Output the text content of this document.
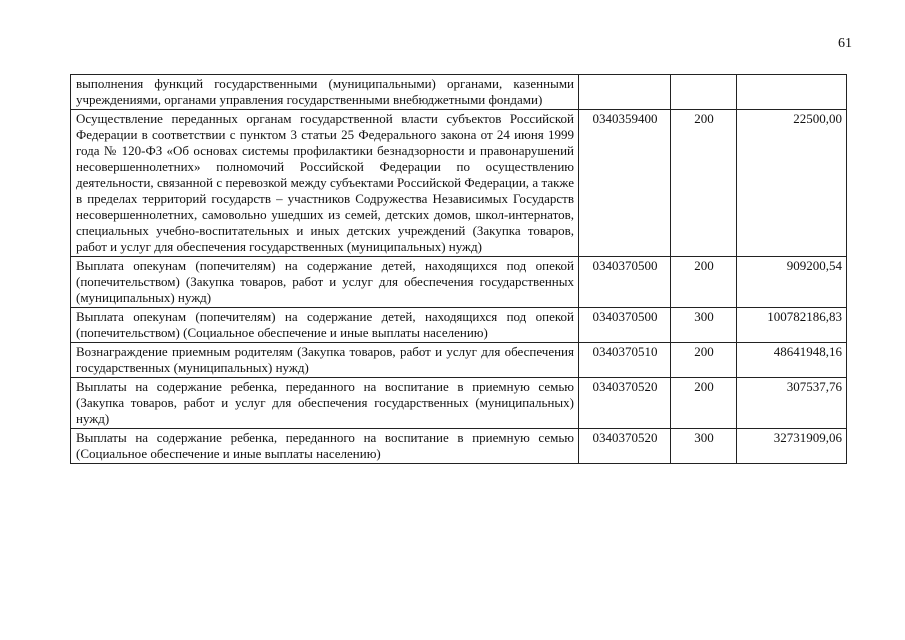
61
выполнения функций государственными (муниципальными) органами, казенными учреждениями, органами управления государственными внебюджетными фондами)			
Осуществление переданных органам государственной власти субъектов Российской Федерации в соответствии с пунктом 3 статьи 25 Федерального закона от 24 июня 1999 года № 120-ФЗ «Об основах системы профилактики безнадзорности и правонарушений несовершеннолетних» полномочий Российской Федерации по осуществлению деятельности, связанной с перевозкой между субъектами Российской Федерации, а также в пределах территорий государств – участников Содружества Независимых Государств несовершеннолетних, самовольно ушедших из семей, детских домов, школ-интернатов, специальных учебно-воспитательных и иных детских учреждений (Закупка товаров, работ и услуг для обеспечения государственных (муниципальных) нужд)	0340359400	200	22500,00
Выплата опекунам (попечителям) на содержание детей, находящихся под опекой (попечительством) (Закупка товаров, работ и услуг для обеспечения государственных (муниципальных) нужд)	0340370500	200	909200,54
Выплата опекунам (попечителям) на содержание детей, находящихся под опекой (попечительством) (Социальное обеспечение и иные выплаты населению)	0340370500	300	100782186,83
Вознаграждение приемным родителям (Закупка товаров, работ и услуг для обеспечения государственных (муниципальных) нужд)	0340370510	200	48641948,16
Выплаты на содержание ребенка, переданного на воспитание в приемную семью (Закупка товаров, работ и услуг для обеспечения государственных (муниципальных) нужд)	0340370520	200	307537,76
Выплаты на содержание ребенка, переданного на воспитание в приемную семью (Социальное обеспечение и иные выплаты населению)	0340370520	300	32731909,06
